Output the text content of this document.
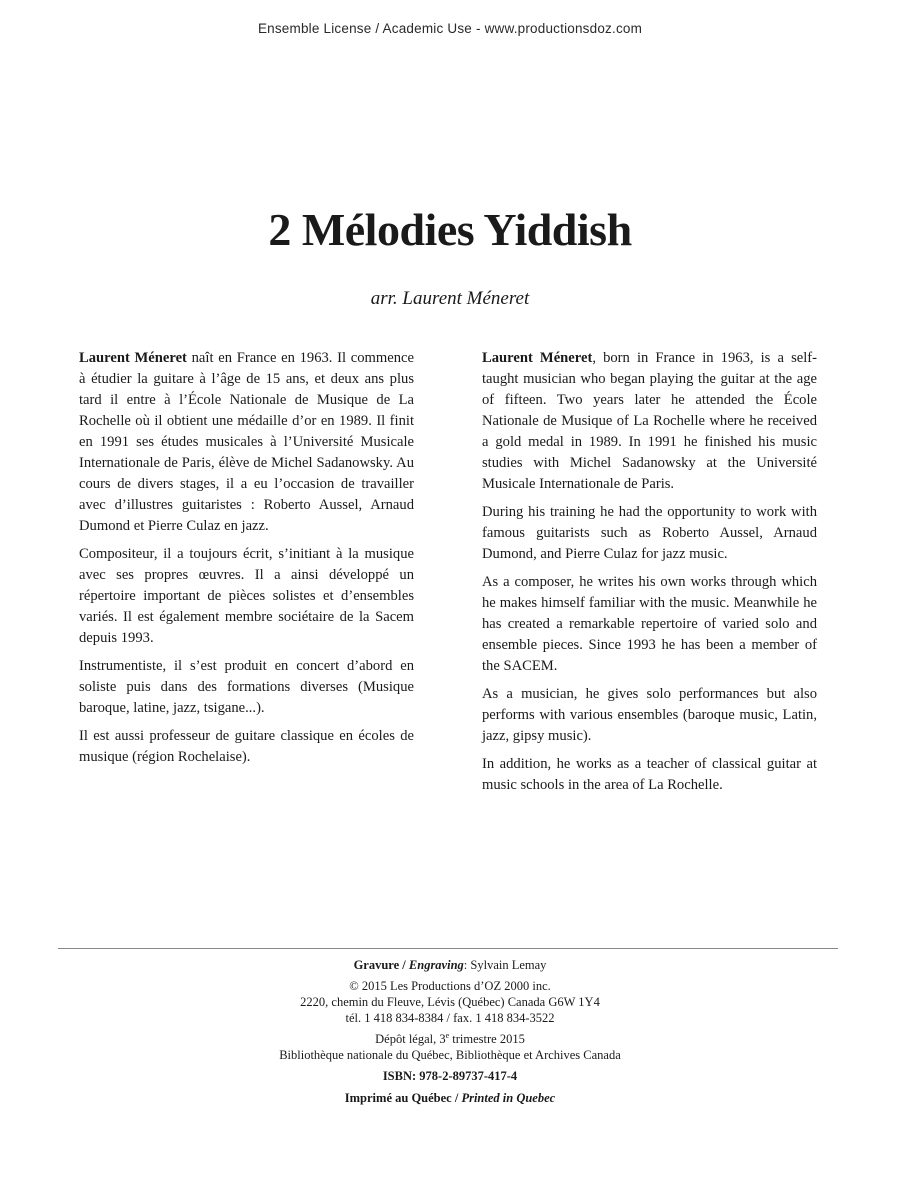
Ensemble License / Academic Use - www.productionsdoz.com
2 Mélodies Yiddish
arr. Laurent Méneret

Laurent Méneret naît en France en 1963. Il commence à étudier la guitare à l’âge de 15 ans, et deux ans plus tard il entre à l’École Nationale de Musique de La Rochelle où il obtient une médaille d’or en 1989. Il finit en 1991 ses études musicales à l’Université Musicale Internationale de Paris, élève de Michel Sadanowsky. Au cours de divers stages, il a eu l’occasion de travailler avec d’illustres guitaristes : Roberto Aussel, Arnaud Dumond et Pierre Culaz en jazz.

Compositeur, il a toujours écrit, s’initiant à la musique avec ses propres œuvres. Il a ainsi développé un répertoire important de pièces solistes et d’ensembles variés. Il est également membre sociétaire de la Sacem depuis 1993.

Instrumentiste, il s’est produit en concert d’abord en soliste puis dans des formations diverses (Musique baroque, latine, jazz, tsigane...).

Il est aussi professeur de guitare classique en écoles de musique (région Rochelaise).

Laurent Méneret, born in France in 1963, is a self-taught musician who began playing the guitar at the age of fifteen. Two years later he attended the École Nationale de Musique of La Rochelle where he received a gold medal in 1989. In 1991 he finished his music studies with Michel Sadanowsky at the Université Musicale Internationale de Paris.

During his training he had the opportunity to work with famous guitarists such as Roberto Aussel, Arnaud Dumond, and Pierre Culaz for jazz music.

As a composer, he writes his own works through which he makes himself familiar with the music. Meanwhile he has created a remarkable repertoire of varied solo and ensemble pieces. Since 1993 he has been a member of the SACEM.

As a musician, he gives solo performances but also performs with various ensembles (baroque music, Latin, jazz, gipsy music).

In addition, he works as a teacher of classical guitar at music schools in the area of La Rochelle.

Gravure / Engraving: Sylvain Lemay
© 2015 Les Productions d’OZ 2000 inc.
2220, chemin du Fleuve, Lévis (Québec) Canada G6W 1Y4
tél. 1 418 834-8384 / fax. 1 418 834-3522
Dépôt légal, 3e trimestre 2015
Bibliothèque nationale du Québec, Bibliothèque et Archives Canada
ISBN: 978-2-89737-417-4
Imprimé au Québec / Printed in Quebec
